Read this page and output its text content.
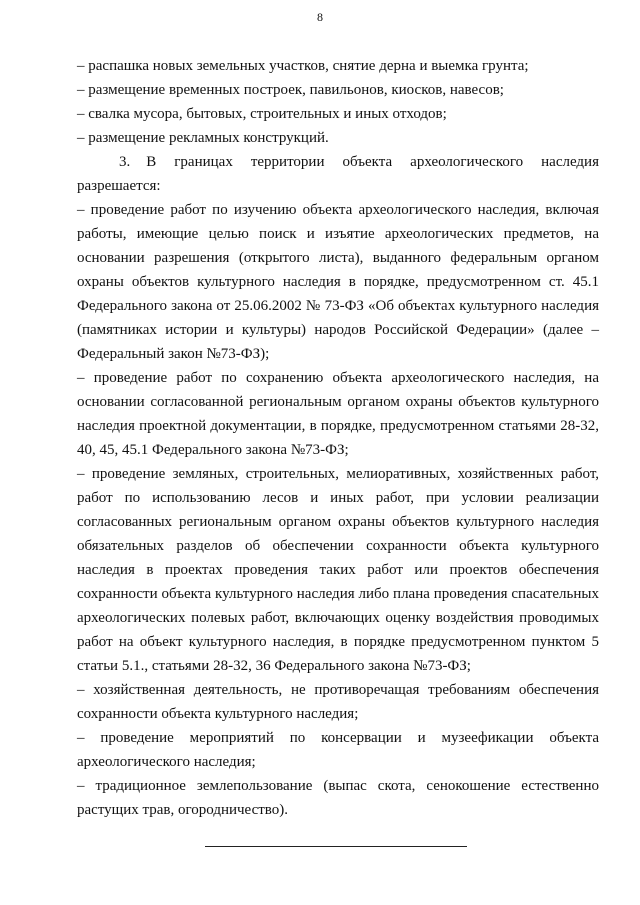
8

– распашка новых земельных участков, снятие дерна и выемка грунта;

– размещение временных построек, павильонов, киосков, навесов;

– свалка мусора, бытовых, строительных и иных отходов;

– размещение рекламных конструкций.

3. В границах территории объекта археологического наследия разрешается:

– проведение работ по изучению объекта археологического наследия, включая работы, имеющие целью поиск и изъятие археологических предметов, на основании разрешения (открытого листа), выданного федеральным органом охраны объектов культурного наследия в порядке, предусмотренном ст. 45.1 Федерального закона от 25.06.2002 № 73-ФЗ «Об объектах культурного наследия (памятниках истории и культуры) народов Российской Федерации» (далее – Федеральный закон №73-ФЗ);

– проведение работ по сохранению объекта археологического наследия, на основании согласованной региональным органом охраны объектов культурного наследия проектной документации, в порядке, предусмотренном статьями 28-32, 40, 45, 45.1 Федерального закона №73-ФЗ;

– проведение земляных, строительных, мелиоративных, хозяйственных работ, работ по использованию лесов и иных работ, при условии реализации согласованных региональным органом охраны объектов культурного наследия обязательных разделов об обеспечении сохранности объекта культурного наследия в проектах проведения таких работ или проектов обеспечения сохранности объекта культурного наследия либо плана проведения спасательных археологических полевых работ, включающих оценку воздействия проводимых работ на объект культурного наследия, в порядке предусмотренном пунктом 5 статьи 5.1., статьями 28-32, 36 Федерального закона №73-ФЗ;

– хозяйственная деятельность, не противоречащая требованиям обеспечения сохранности объекта культурного наследия;

– проведение мероприятий по консервации и музеефикации объекта археологического наследия;

– традиционное землепользование (выпас скота, сенокошение естественно растущих трав, огородничество).
